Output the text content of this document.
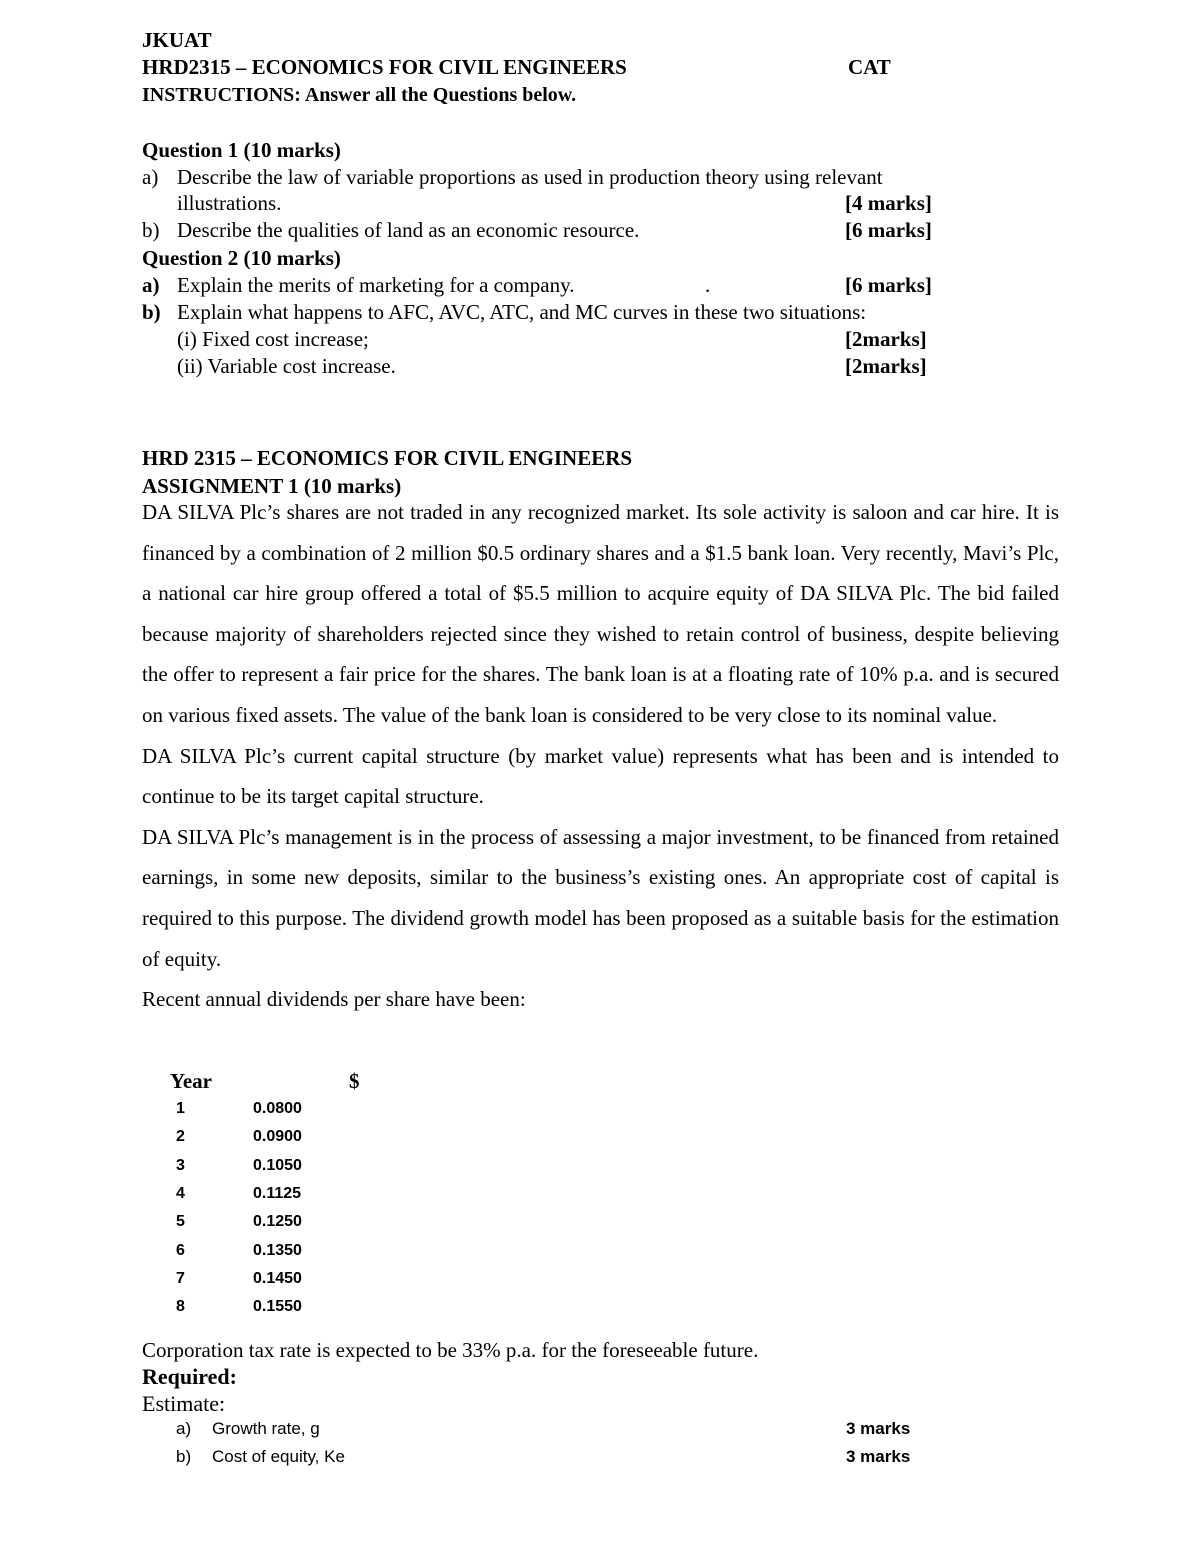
JKUAT
HRD2315 – ECONOMICS FOR CIVIL ENGINEERS	CAT
INSTRUCTIONS: Answer all the Questions below.
Question 1 (10 marks)
a) Describe the law of variable proportions as used in production theory using relevant
illustrations.	[4 marks]
b) Describe the qualities of land as an economic resource.	[6 marks]
Question 2 (10 marks)
a) Explain the merits of marketing for a company.	.	[6 marks]
b) Explain what happens to AFC, AVC, ATC, and MC curves in these two situations:
(i) Fixed cost increase;	[2marks]
(ii) Variable cost increase.	[2marks]
HRD 2315 – ECONOMICS FOR CIVIL ENGINEERS
ASSIGNMENT 1 (10 marks)

DA SILVA Plc’s shares are not traded in any recognized market. Its sole activity is saloon and car hire. It is financed by a combination of 2 million $0.5 ordinary shares and a $1.5 bank loan. Very recently, Mavi’s Plc, a national car hire group offered a total of $5.5 million to acquire equity of DA SILVA Plc. The bid failed because majority of shareholders rejected since they wished to retain control of business, despite believing the offer to represent a fair price for the shares. The bank loan is at a floating rate of 10% p.a. and is secured on various fixed assets. The value of the bank loan is considered to be very close to its nominal value.

DA SILVA Plc’s current capital structure (by market value) represents what has been and is intended to continue to be its target capital structure.

DA SILVA Plc’s management is in the process of assessing a major investment, to be financed from retained earnings, in some new deposits, similar to the business’s existing ones. An appropriate cost of capital is required to this purpose. The dividend growth model has been proposed as a suitable basis for the estimation of equity.

Recent annual dividends per share have been:

Year	$
1	0.0800
2	0.0900
3	0.1050
4	0.1125
5	0.1250
6	0.1350
7	0.1450
8	0.1550
Corporation tax rate is expected to be 33% p.a. for the foreseeable future.
Required:
Estimate:
a) Growth rate, g	3 marks
b) Cost of equity, Ke	3 marks
